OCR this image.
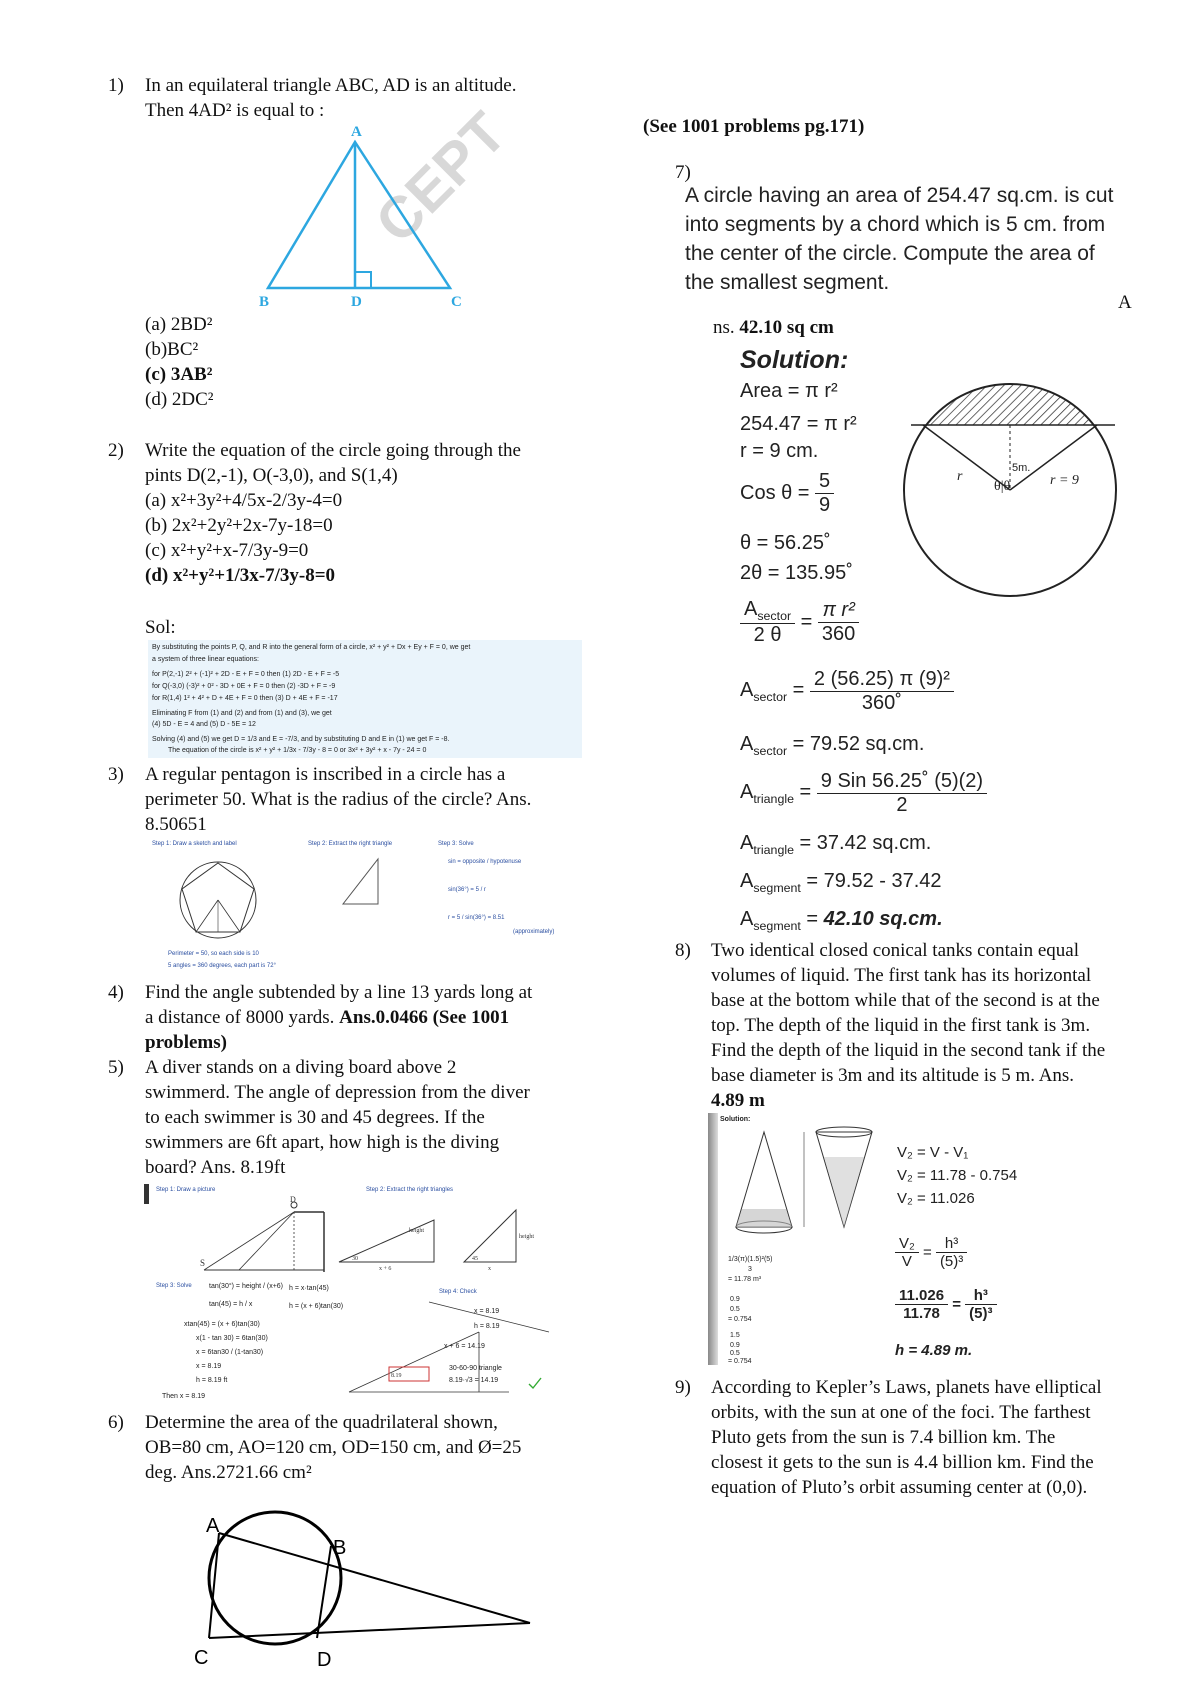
1) In an equilateral triangle ABC, AD is an altitude.
Then 4AD² is equal to : CEPT
A
B	D	C
(a) 2BD²
(b)BC²
(c) 3AB²
(d) 2DC²
2) Write the equation of the circle going through the
pints D(2,-1), O(-3,0), and S(1,4)
(a) x²+3y²+4/5x-2/3y-4=0
(b) 2x²+2y²+2x-7y-18=0
(c) x²+y²+x-7/3y-9=0
(d) x²+y²+1/3x-7/3y-8=0
Sol:
By substituting the points P, Q, and R into the general form of a circle, x² + y² + Dx + Ey + F = 0, we get
a system of three linear equations:
for P(2,-1) 2² + (-1)² + 2D - E + F = 0 then (1) 2D - E + F = -5
for Q(-3,0) (-3)² + 0² - 3D + 0E + F = 0 then (2) -3D + F = -9
for R(1,4) 1² + 4² + D + 4E + F = 0 then (3) D + 4E + F = -17
Eliminating F from (1) and (2) and from (1) and (3), we get
(4) 5D - E = 4 and (5) D - 5E = 12
Solving (4) and (5) we get D = 1/3 and E = -7/3, and by substituting D and E in (1) we get F = -8.
The equation of the circle is x² + y² + 1/3x - 7/3y - 8 = 0 or 3x² + 3y² + x - 7y - 24 = 0
3) A regular pentagon is inscribed in a circle has a
perimeter 50. What is the radius of the circle? Ans.
8.50651
Step 1: Draw a sketch and label	Step 2: Extract the right triangle	Step 3: Solve
sin = opposite / hypotenuse
sin(36°) = 5 / r
r = 5 / sin(36°) = 8.51
(approximately)
Perimeter = 50, so each side is 10
5 angles = 360 degrees, each part is 72°
4) Find the angle subtended by a line 13 yards long at
a distance of 8000 yards. Ans.0.0466 (See 1001
problems)
5) A diver stands on a diving board above 2
swimmerd. The angle of depression from the diver
to each swimmer is 30 and 45 degrees. If the
swimmers are 6ft apart, how high is the diving
board? Ans. 8.19ft
Step 1: Draw a picture	Step 2: Extract the right triangles
D
S
height
x + 6
30
height
x
45
Step 3: Solve
Step 4: Check
tan(30°) = height / (x+6) h = x·tan(45)
tan(45) = h / x	h = (x + 6)tan(30)
xtan(45) = (x + 6)tan(30)
x(1 - tan 30) = 6tan(30)
x = 6tan30 / (1-tan30)
x = 8.19
h = 8.19 ft
Then x = 8.19
8.19
x = 8.19
h = 8.19
x + 6 = 14.19
30-60-90 triangle
8.19·√3 = 14.19
6) Determine the area of the quadrilateral shown,
OB=80 cm, AO=120 cm, OD=150 cm, and Ø=25
deg. Ans.2721.66 cm²
A
B
C	D
(See 1001 problems pg.171)
7)
A circle having an area of 254.47 sq.cm. is cut
into segments by a chord which is 5 cm. from
the center of the circle. Compute the area of
the smallest segment.
A
ns. 42.10 sq cm
Solution:
Area = π r²
254.47 = π r²
r = 9 cm.
Cos $\theta = \frac{5}{9}$
θ = 56.25˚
2θ = 135.95˚
$\frac{A_{sector}}{2 \theta} = \frac{\text{π r²}}{360}$
$A_{sector} = \frac{\text{2 (56.25) π (9)²}}{360˚}$
$A_{sector} = 79.52$ sq.cm.
$A_{triangle} = \frac{\text{9 Sin 56.25˚ (5)(2)}}{2}$
$A_{triangle} = 37.42$ sq.cm.
$A_{segment} = 79.52 - 37.42$
$A_{segment} = 42.10$ sq.cm.
r	r = 9
5m.
θ|θ
8) Two identical closed conical tanks contain equal
volumes of liquid. The first tank has its horizontal
base at the bottom while that of the second is at the
top. The depth of the liquid in the first tank is 3m.
Find the depth of the liquid in the second tank if the
base diameter is 3m and its altitude is 5 m. Ans.
4.89 m
Solution:
1/3(π)(1.5)²(5)
3
= 11.78 m³
0.9
0.5
= 0.754
1.5
0.9
0.5
= 0.754
V₂ = V - V₁
V₂ = 11.78 - 0.754
V₂ = 11.026
$\frac{\text{V₂}}{V} = \frac{\text{h³}}{\text{(5)³}}$
$\frac{11.026}{11.78} = \frac{\text{h³}}{\text{(5)³}}$
h = 4.89 m.
9) According to Kepler’s Laws, planets have elliptical
orbits, with the sun at one of the foci. The farthest
Pluto gets from the sun is 7.4 billion km. The
closest it gets to the sun is 4.4 billion km. Find the
equation of Pluto’s orbit assuming center at (0,0).
